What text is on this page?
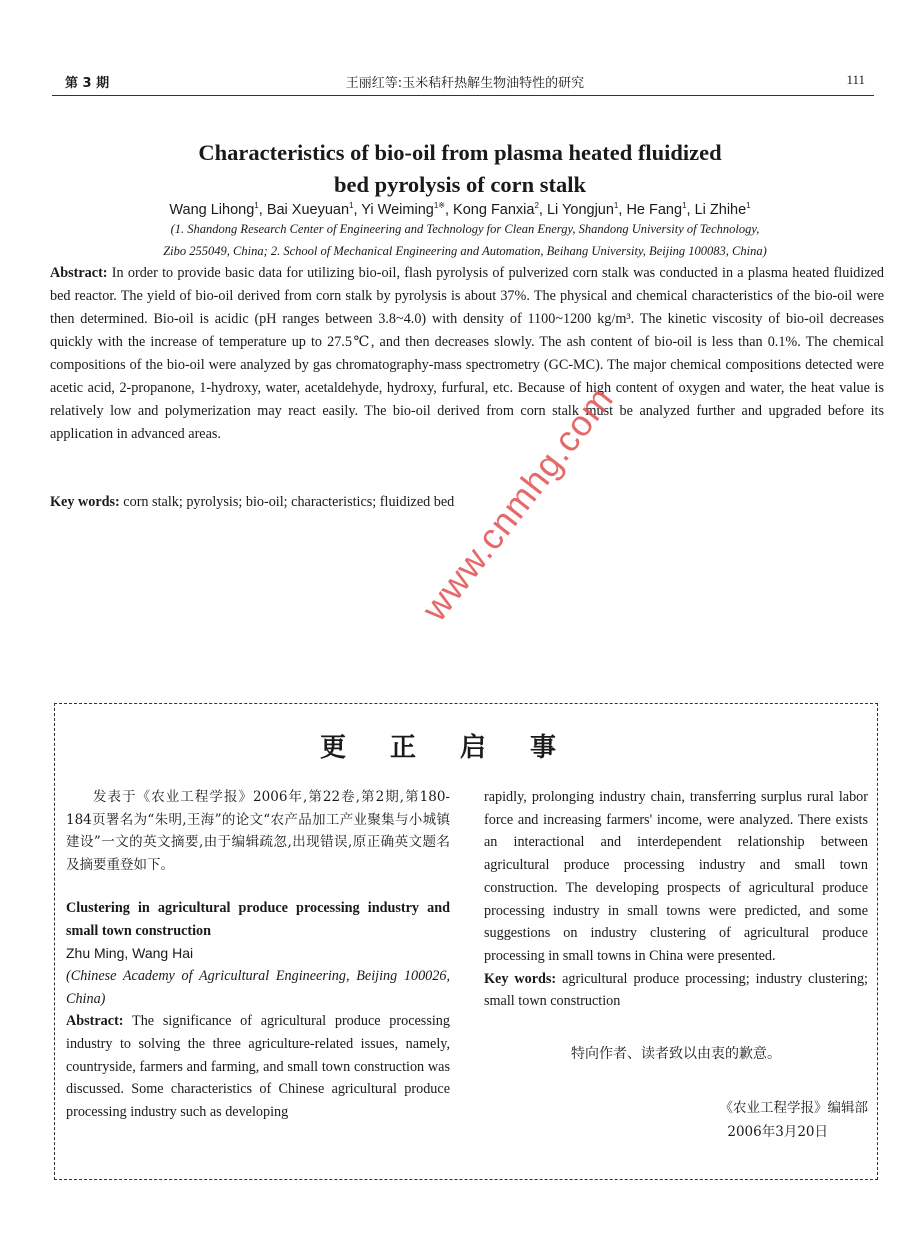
第 3 期	王丽红等:玉米秸秆热解生物油特性的研究	111
Characteristics of bio-oil from plasma heated fluidized
bed pyrolysis of corn stalk
Wang Lihong$^1$, Bai Xueyuan$^1$, Yi Weiming$^{1※}$, Kong Fanxia$^2$, Li Yongjun$^1$, He Fang$^1$, Li Zhihe$^1$
(1. Shandong Research Center of Engineering and Technology for Clean Energy, Shandong University of Technology,
Zibo 255049, China; 2. School of Mechanical Engineering and Automation, Beihang University, Beijing 100083, China)
Abstract: In order to provide basic data for utilizing bio-oil, flash pyrolysis of pulverized corn stalk was conducted in a plasma heated fluidized bed reactor. The yield of bio-oil derived from corn stalk by pyrolysis is about 37%. The physical and chemical characteristics of the bio-oil were then determined. Bio-oil is acidic (pH ranges between 3.8~4.0) with density of 1100~1200 kg/m³. The kinetic viscosity of bio-oil decreases quickly with the increase of temperature up to 27.5℃, and then decreases slowly. The ash content of bio-oil is less than 0.1%. The chemical compositions of the bio-oil were analyzed by gas chromatography-mass spectrometry (GC-MC). The major chemical compositions detected were acetic acid, 2-propanone, 1-hydroxy, water, acetaldehyde, hydroxy, furfural, etc. Because of high content of oxygen and water, the heat value is relatively low and polymerization may react easily. The bio-oil derived from corn stalk must be analyzed further and upgraded before its application in advanced areas.
Key words: corn stalk; pyrolysis; bio-oil; characteristics; fluidized bed
www.cnmhg.com
更正启事
发表于《农业工程学报》2006年,第22卷,第2期,第180-184页署名为“朱明,王海”的论文“农产品加工产业聚集与小城镇建设”一文的英文摘要,由于编辑疏忽,出现错误,原正确英文题名及摘要重登如下。
Clustering in agricultural produce processing industry and small town construction
Zhu Ming, Wang Hai
(Chinese Academy of Agricultural Engineering, Beijing 100026, China)
Abstract: The significance of agricultural produce processing industry to solving the three agriculture-related issues, namely, countryside, farmers and farming, and small town construction was discussed. Some characteristics of Chinese agricultural produce processing industry such as developing
rapidly, prolonging industry chain, transferring surplus rural labor force and increasing farmers' income, were analyzed. There exists an interactional and interdependent relationship between agricultural produce processing industry and small town construction. The developing prospects of agricultural produce processing industry in small towns were predicted, and some suggestions on industry clustering of agricultural produce processing in small towns in China were presented.
Key words: agricultural produce processing; industry clustering; small town construction
特向作者、读者致以由衷的歉意。
《农业工程学报》编辑部
2006年3月20日
